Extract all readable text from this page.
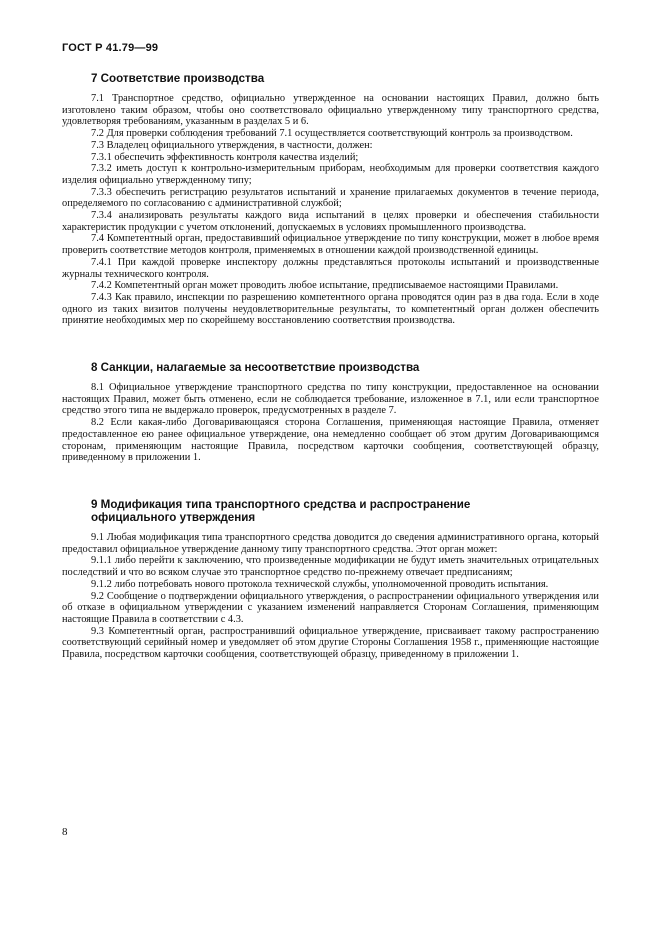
ГОСТ Р 41.79—99
7 Соответствие производства

7.1 Транспортное средство, официально утвержденное на основании настоящих Правил, должно быть изготовлено таким образом, чтобы оно соответствовало официально утвержденному типу транспортного средства, удовлетворяя требованиям, указанным в разделах 5 и 6.

7.2 Для проверки соблюдения требований 7.1 осуществляется соответствующий контроль за производством.

7.3 Владелец официального утверждения, в частности, должен:

7.3.1 обеспечить эффективность контроля качества изделий;

7.3.2 иметь доступ к контрольно-измерительным приборам, необходимым для проверки соответствия каждого изделия официально утвержденному типу;

7.3.3 обеспечить регистрацию результатов испытаний и хранение прилагаемых документов в течение периода, определяемого по согласованию с административной службой;

7.3.4 анализировать результаты каждого вида испытаний в целях проверки и обеспечения стабильности характеристик продукции с учетом отклонений, допускаемых в условиях промышленного производства.

7.4 Компетентный орган, предоставивший официальное утверждение по типу конструкции, может в любое время проверить соответствие методов контроля, применяемых в отношении каждой производственной единицы.

7.4.1 При каждой проверке инспектору должны представляться протоколы испытаний и производственные журналы технического контроля.

7.4.2 Компетентный орган может проводить любое испытание, предписываемое настоящими Правилами.

7.4.3 Как правило, инспекции по разрешению компетентного органа проводятся один раз в два года. Если в ходе одного из таких визитов получены неудовлетворительные результаты, то компетентный орган должен обеспечить принятие необходимых мер по скорейшему восстановлению соответствия производства.

8 Санкции, налагаемые за несоответствие производства

8.1 Официальное утверждение транспортного средства по типу конструкции, предоставленное на основании настоящих Правил, может быть отменено, если не соблюдается требование, изложенное в 7.1, или если транспортное средство этого типа не выдержало проверок, предусмотренных в разделе 7.

8.2 Если какая-либо Договаривающаяся сторона Соглашения, применяющая настоящие Правила, отменяет предоставленное ею ранее официальное утверждение, она немедленно сообщает об этом другим Договаривающимся сторонам, применяющим настоящие Правила, посредством карточки сообщения, соответствующей образцу, приведенному в приложении 1.

9 Модификация типа транспортного средства и распространение официального утверждения

9.1 Любая модификация типа транспортного средства доводится до сведения административного органа, который предоставил официальное утверждение данному типу транспортного средства. Этот орган может:

9.1.1 либо перейти к заключению, что произведенные модификации не будут иметь значительных отрицательных последствий и что во всяком случае это транспортное средство по-прежнему отвечает предписаниям;

9.1.2 либо потребовать нового протокола технической службы, уполномоченной проводить испытания.

9.2 Сообщение о подтверждении официального утверждения, о распространении официального утверждения или об отказе в официальном утверждении с указанием изменений направляется Сторонам Соглашения, применяющим настоящие Правила в соответствии с 4.3.

9.3 Компетентный орган, распространивший официальное утверждение, присваивает такому распространению соответствующий серийный номер и уведомляет об этом другие Стороны Соглашения 1958 г., применяющие настоящие Правила, посредством карточки сообщения, соответствующей образцу, приведенному в приложении 1.

8
